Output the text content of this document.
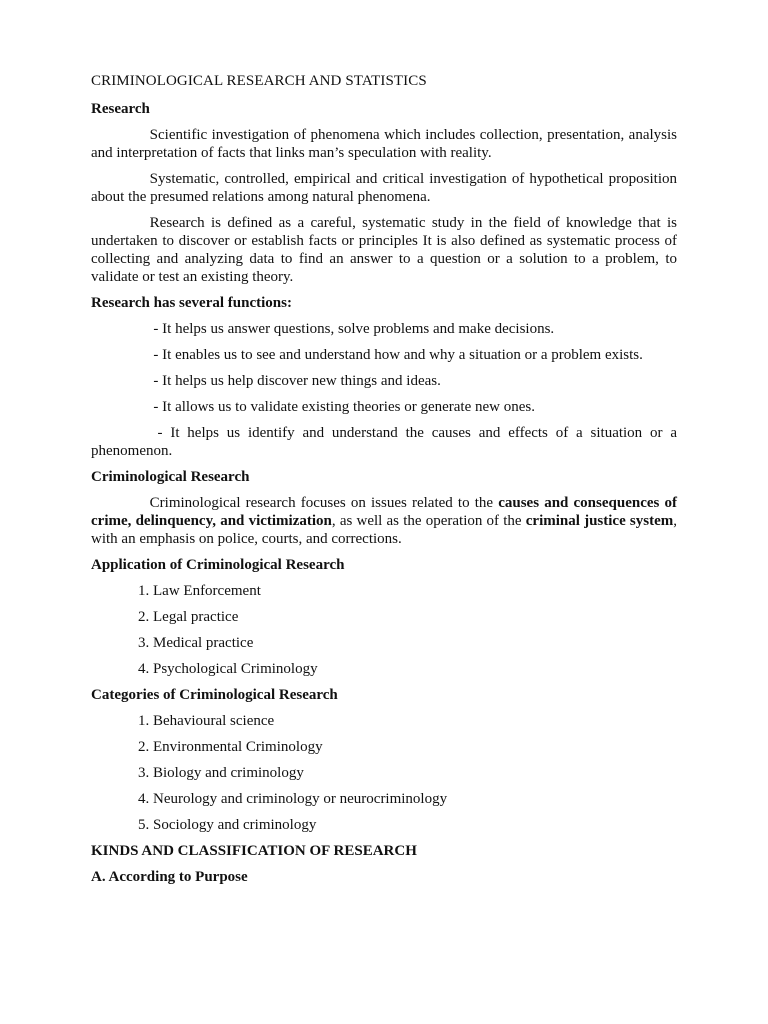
CRIMINOLOGICAL RESEARCH AND STATISTICS
Research

Scientific investigation of phenomena which includes collection, presentation, analysis and interpretation of facts that links man’s speculation with reality.

Systematic, controlled, empirical and critical investigation of hypothetical proposition about the presumed relations among natural phenomena.

Research is defined as a careful, systematic study in the field of knowledge that is undertaken to discover or establish facts or principles It is also defined as systematic process of collecting and analyzing data to find an answer to a question or a solution to a problem, to validate or test an existing theory.

Research has several functions:

- It helps us answer questions, solve problems and make decisions.

- It enables us to see and understand how and why a situation or a problem exists.

- It helps us help discover new things and ideas.

- It allows us to validate existing theories or generate new ones.

- It helps us identify and understand the causes and effects of a situation or a phenomenon.

Criminological Research

Criminological research focuses on issues related to the causes and consequences of crime, delinquency, and victimization, as well as the operation of the criminal justice system, with an emphasis on police, courts, and corrections.

Application of Criminological Research

1. Law Enforcement

2. Legal practice

3. Medical practice

4. Psychological Criminology

Categories of Criminological Research

1. Behavioural science

2. Environmental Criminology

3. Biology and criminology

4. Neurology and criminology or neurocriminology

5. Sociology and criminology

KINDS AND CLASSIFICATION OF RESEARCH
A. According to Purpose
